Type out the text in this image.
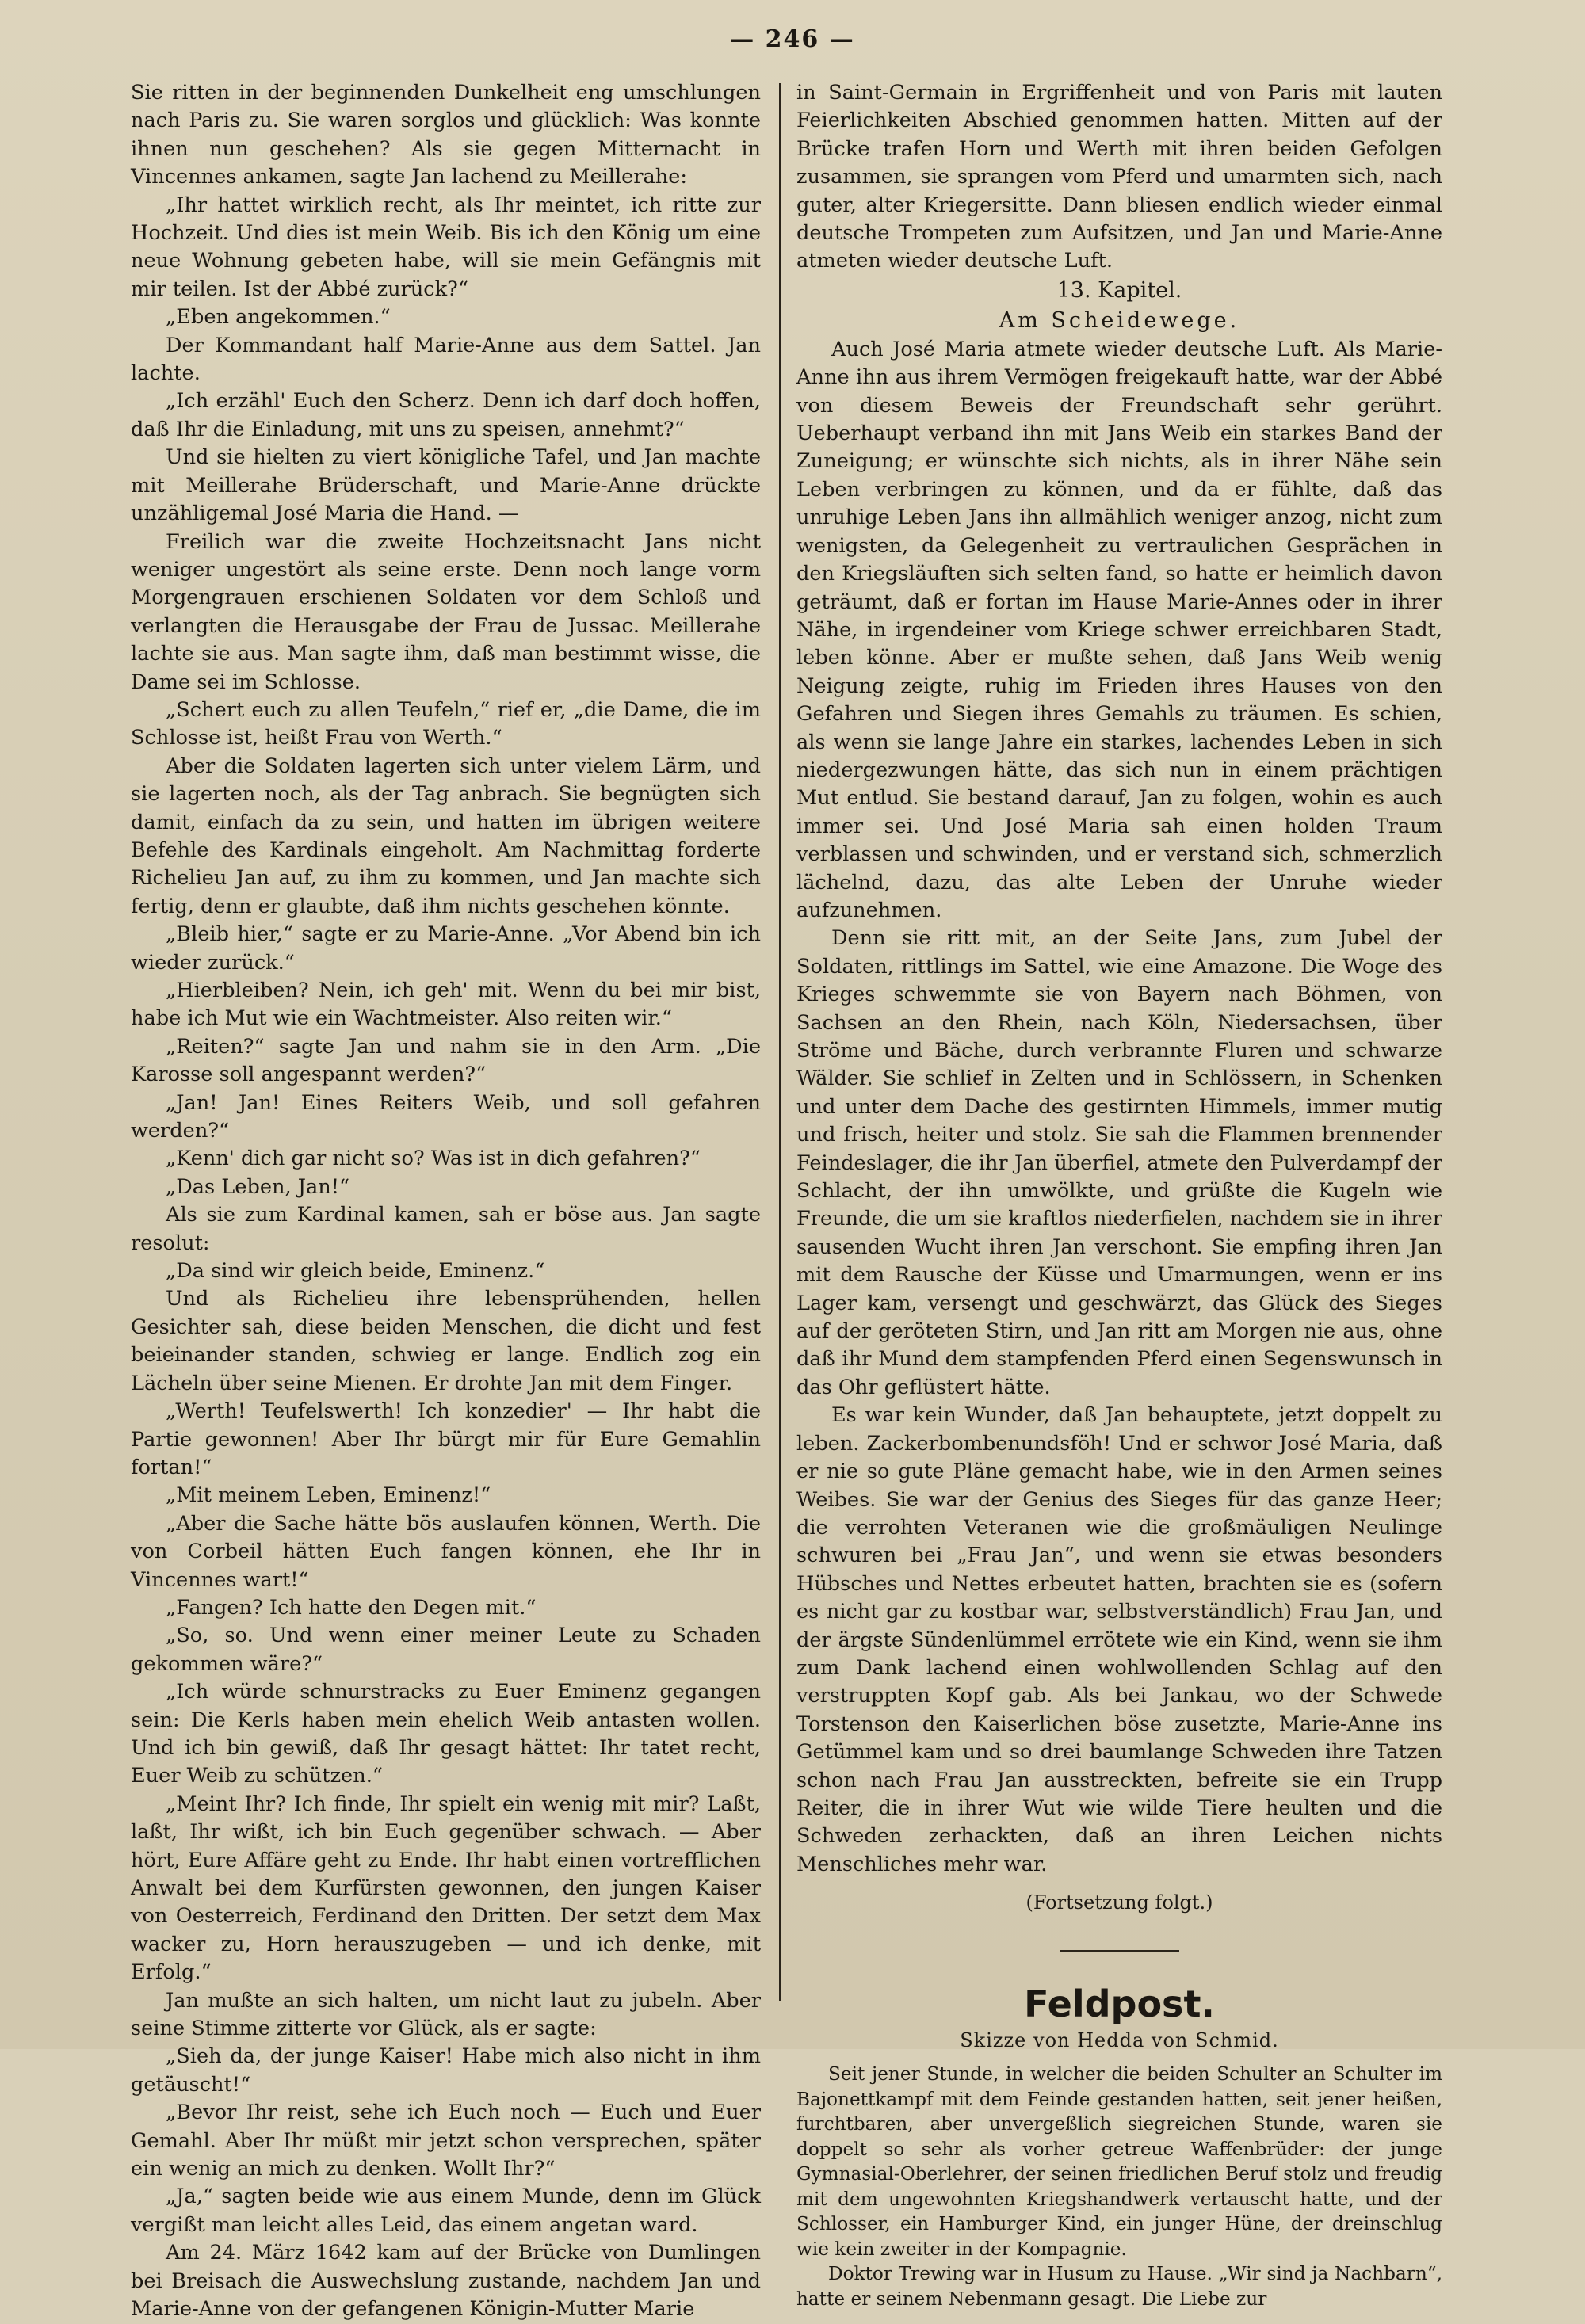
— 246 —

Sie ritten in der beginnenden Dunkelheit eng umschlungen nach Paris zu. Sie waren sorglos und glücklich: Was konnte ihnen nun geschehen? Als sie gegen Mitternacht in Vincennes ankamen, sagte Jan lachend zu Meillerahe:

„Ihr hattet wirklich recht, als Ihr meintet, ich ritte zur Hochzeit. Und dies ist mein Weib. Bis ich den König um eine neue Wohnung gebeten habe, will sie mein Gefängnis mit mir teilen. Ist der Abbé zurück?“

„Eben angekommen.“

Der Kommandant half Marie-Anne aus dem Sattel. Jan lachte.

„Ich erzähl' Euch den Scherz. Denn ich darf doch hoffen, daß Ihr die Einladung, mit uns zu speisen, annehmt?“

Und sie hielten zu viert königliche Tafel, und Jan machte mit Meillerahe Brüderschaft, und Marie-Anne drückte unzähligemal José Maria die Hand. —

Freilich war die zweite Hochzeitsnacht Jans nicht weniger ungestört als seine erste. Denn noch lange vorm Morgengrauen erschienen Soldaten vor dem Schloß und verlangten die Herausgabe der Frau de Jussac. Meillerahe lachte sie aus. Man sagte ihm, daß man bestimmt wisse, die Dame sei im Schlosse.

„Schert euch zu allen Teufeln,“ rief er, „die Dame, die im Schlosse ist, heißt Frau von Werth.“

Aber die Soldaten lagerten sich unter vielem Lärm, und sie lagerten noch, als der Tag anbrach. Sie begnügten sich damit, einfach da zu sein, und hatten im übrigen weitere Befehle des Kardinals eingeholt. Am Nachmittag forderte Richelieu Jan auf, zu ihm zu kommen, und Jan machte sich fertig, denn er glaubte, daß ihm nichts geschehen könnte.

„Bleib hier,“ sagte er zu Marie-Anne. „Vor Abend bin ich wieder zurück.“

„Hierbleiben? Nein, ich geh' mit. Wenn du bei mir bist, habe ich Mut wie ein Wachtmeister. Also reiten wir.“

„Reiten?“ sagte Jan und nahm sie in den Arm. „Die Karosse soll angespannt werden?“

„Jan! Jan! Eines Reiters Weib, und soll gefahren werden?“

„Kenn' dich gar nicht so? Was ist in dich gefahren?“

„Das Leben, Jan!“

Als sie zum Kardinal kamen, sah er böse aus. Jan sagte resolut:

„Da sind wir gleich beide, Eminenz.“

Und als Richelieu ihre lebensprühenden, hellen Gesichter sah, diese beiden Menschen, die dicht und fest beieinander standen, schwieg er lange. Endlich zog ein Lächeln über seine Mienen. Er drohte Jan mit dem Finger.

„Werth! Teufelswerth! Ich konzedier' — Ihr habt die Partie gewonnen! Aber Ihr bürgt mir für Eure Gemahlin fortan!“

„Mit meinem Leben, Eminenz!“

„Aber die Sache hätte bös auslaufen können, Werth. Die von Corbeil hätten Euch fangen können, ehe Ihr in Vincennes wart!“

„Fangen? Ich hatte den Degen mit.“

„So, so. Und wenn einer meiner Leute zu Schaden gekommen wäre?“

„Ich würde schnurstracks zu Euer Eminenz gegangen sein: Die Kerls haben mein ehelich Weib antasten wollen. Und ich bin gewiß, daß Ihr gesagt hättet: Ihr tatet recht, Euer Weib zu schützen.“

„Meint Ihr? Ich finde, Ihr spielt ein wenig mit mir? Laßt, laßt, Ihr wißt, ich bin Euch gegenüber schwach. — Aber hört, Eure Affäre geht zu Ende. Ihr habt einen vortrefflichen Anwalt bei dem Kurfürsten gewonnen, den jungen Kaiser von Oesterreich, Ferdinand den Dritten. Der setzt dem Max wacker zu, Horn herauszugeben — und ich denke, mit Erfolg.“

Jan mußte an sich halten, um nicht laut zu jubeln. Aber seine Stimme zitterte vor Glück, als er sagte:

„Sieh da, der junge Kaiser! Habe mich also nicht in ihm getäuscht!“

„Bevor Ihr reist, sehe ich Euch noch — Euch und Euer Gemahl. Aber Ihr müßt mir jetzt schon versprechen, später ein wenig an mich zu denken. Wollt Ihr?“

„Ja,“ sagten beide wie aus einem Munde, denn im Glück vergißt man leicht alles Leid, das einem angetan ward.

Am 24. März 1642 kam auf der Brücke von Dumlingen bei Breisach die Auswechslung zustande, nachdem Jan und Marie-Anne von der gefangenen Königin-Mutter Marie

in Saint-Germain in Ergriffenheit und von Paris mit lauten Feierlichkeiten Abschied genommen hatten. Mitten auf der Brücke trafen Horn und Werth mit ihren beiden Gefolgen zusammen, sie sprangen vom Pferd und umarmten sich, nach guter, alter Kriegersitte. Dann bliesen endlich wieder einmal deutsche Trompeten zum Aufsitzen, und Jan und Marie-Anne atmeten wieder deutsche Luft.

13. Kapitel.
Am Scheidewege.

Auch José Maria atmete wieder deutsche Luft. Als Marie-Anne ihn aus ihrem Vermögen freigekauft hatte, war der Abbé von diesem Beweis der Freundschaft sehr gerührt. Ueberhaupt verband ihn mit Jans Weib ein starkes Band der Zuneigung; er wünschte sich nichts, als in ihrer Nähe sein Leben verbringen zu können, und da er fühlte, daß das unruhige Leben Jans ihn allmählich weniger anzog, nicht zum wenigsten, da Gelegenheit zu vertraulichen Gesprächen in den Kriegsläuften sich selten fand, so hatte er heimlich davon geträumt, daß er fortan im Hause Marie-Annes oder in ihrer Nähe, in irgendeiner vom Kriege schwer erreichbaren Stadt, leben könne. Aber er mußte sehen, daß Jans Weib wenig Neigung zeigte, ruhig im Frieden ihres Hauses von den Gefahren und Siegen ihres Gemahls zu träumen. Es schien, als wenn sie lange Jahre ein starkes, lachendes Leben in sich niedergezwungen hätte, das sich nun in einem prächtigen Mut entlud. Sie bestand darauf, Jan zu folgen, wohin es auch immer sei. Und José Maria sah einen holden Traum verblassen und schwinden, und er verstand sich, schmerzlich lächelnd, dazu, das alte Leben der Unruhe wieder aufzunehmen.

Denn sie ritt mit, an der Seite Jans, zum Jubel der Soldaten, rittlings im Sattel, wie eine Amazone. Die Woge des Krieges schwemmte sie von Bayern nach Böhmen, von Sachsen an den Rhein, nach Köln, Niedersachsen, über Ströme und Bäche, durch verbrannte Fluren und schwarze Wälder. Sie schlief in Zelten und in Schlössern, in Schenken und unter dem Dache des gestirnten Himmels, immer mutig und frisch, heiter und stolz. Sie sah die Flammen brennender Feindeslager, die ihr Jan überfiel, atmete den Pulverdampf der Schlacht, der ihn umwölkte, und grüßte die Kugeln wie Freunde, die um sie kraftlos niederfielen, nachdem sie in ihrer sausenden Wucht ihren Jan verschont. Sie empfing ihren Jan mit dem Rausche der Küsse und Umarmungen, wenn er ins Lager kam, versengt und geschwärzt, das Glück des Sieges auf der geröteten Stirn, und Jan ritt am Morgen nie aus, ohne daß ihr Mund dem stampfenden Pferd einen Segenswunsch in das Ohr geflüstert hätte.

Es war kein Wunder, daß Jan behauptete, jetzt doppelt zu leben. Zackerbombenundsföh! Und er schwor José Maria, daß er nie so gute Pläne gemacht habe, wie in den Armen seines Weibes. Sie war der Genius des Sieges für das ganze Heer; die verrohten Veteranen wie die großmäuligen Neulinge schwuren bei „Frau Jan“, und wenn sie etwas besonders Hübsches und Nettes erbeutet hatten, brachten sie es (sofern es nicht gar zu kostbar war, selbstverständlich) Frau Jan, und der ärgste Sündenlümmel errötete wie ein Kind, wenn sie ihm zum Dank lachend einen wohlwollenden Schlag auf den verstruppten Kopf gab. Als bei Jankau, wo der Schwede Torstenson den Kaiserlichen böse zusetzte, Marie-Anne ins Getümmel kam und so drei baumlange Schweden ihre Tatzen schon nach Frau Jan ausstreckten, befreite sie ein Trupp Reiter, die in ihrer Wut wie wilde Tiere heulten und die Schweden zerhackten, daß an ihren Leichen nichts Menschliches mehr war.

(Fortsetzung folgt.)
Feldpost.
Skizze von Hedda von Schmid.

Seit jener Stunde, in welcher die beiden Schulter an Schulter im Bajonettkampf mit dem Feinde gestanden hatten, seit jener heißen, furchtbaren, aber unvergeßlich siegreichen Stunde, waren sie doppelt so sehr als vorher getreue Waffenbrüder: der junge Gymnasial-Oberlehrer, der seinen friedlichen Beruf stolz und freudig mit dem ungewohnten Kriegshandwerk vertauscht hatte, und der Schlosser, ein Hamburger Kind, ein junger Hüne, der dreinschlug wie kein zweiter in der Kompagnie.

Doktor Trewing war in Husum zu Hause. „Wir sind ja Nachbarn“, hatte er seinem Nebenmann gesagt. Die Liebe zur
